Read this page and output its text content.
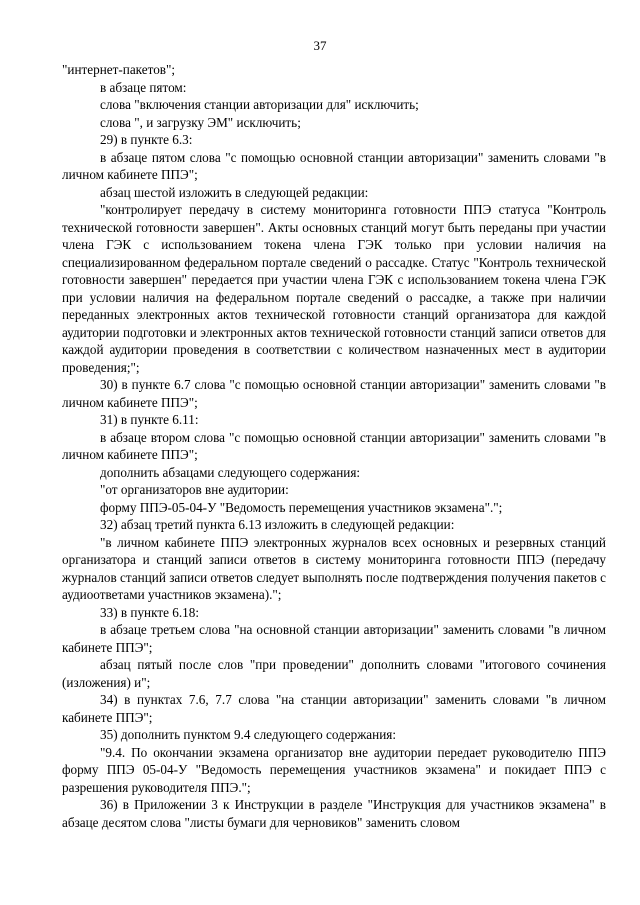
37

"интернет-пакетов";

в абзаце пятом:

слова "включения станции авторизации для" исключить;

слова ", и загрузку ЭМ" исключить;

29) в пункте 6.3:

в абзаце пятом слова "с помощью основной станции авторизации" заменить словами "в личном кабинете ППЭ";

абзац шестой изложить в следующей редакции:

"контролирует передачу в систему мониторинга готовности ППЭ статуса "Контроль технической готовности завершен". Акты основных станций могут быть переданы при участии члена ГЭК с использованием токена члена ГЭК только при условии наличия на специализированном федеральном портале сведений о рассадке. Статус "Контроль технической готовности завершен" передается при участии члена ГЭК с использованием токена члена ГЭК при условии наличия на федеральном портале сведений о рассадке, а также при наличии переданных электронных актов технической готовности станций организатора для каждой аудитории подготовки и электронных актов технической готовности станций записи ответов для каждой аудитории проведения в соответствии с количеством назначенных мест в аудитории проведения;";

30) в пункте 6.7 слова "с помощью основной станции авторизации" заменить словами "в личном кабинете ППЭ";

31) в пункте 6.11:

в абзаце втором слова "с помощью основной станции авторизации" заменить словами "в личном кабинете ППЭ";

дополнить абзацами следующего содержания:

"от организаторов вне аудитории:

форму ППЭ-05-04-У "Ведомость перемещения участников экзамена".";

32) абзац третий пункта 6.13 изложить в следующей редакции:

"в личном кабинете ППЭ электронных журналов всех основных и резервных станций организатора и станций записи ответов в систему мониторинга готовности ППЭ (передачу журналов станций записи ответов следует выполнять после подтверждения получения пакетов с аудиоответами участников экзамена).";

33) в пункте 6.18:

в абзаце третьем слова "на основной станции авторизации" заменить словами "в личном кабинете ППЭ";

абзац пятый после слов "при проведении" дополнить словами "итогового сочинения (изложения) и";

34) в пунктах 7.6, 7.7 слова "на станции авторизации" заменить словами "в личном кабинете ППЭ";

35) дополнить пунктом 9.4 следующего содержания:

"9.4. По окончании экзамена организатор вне аудитории передает руководителю ППЭ форму ППЭ 05-04-У "Ведомость перемещения участников экзамена" и покидает ППЭ с разрешения руководителя ППЭ.";

36) в Приложении 3 к Инструкции в разделе "Инструкция для участников экзамена" в абзаце десятом слова "листы бумаги для черновиков" заменить словом
